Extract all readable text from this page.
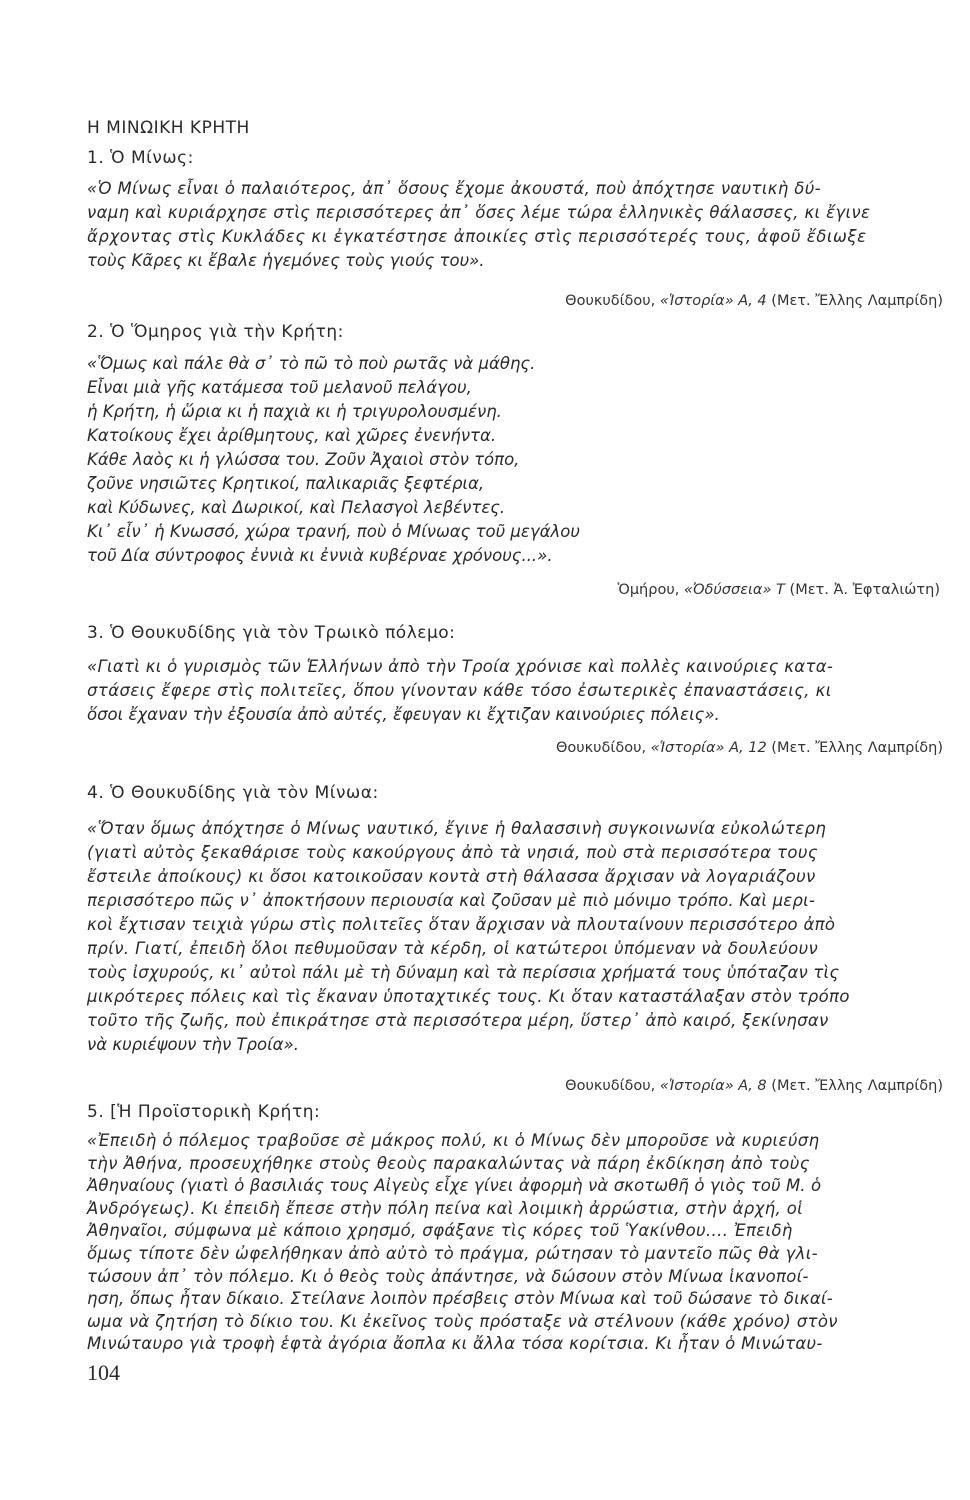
Η ΜΙΝΩΙΚΗ ΚΡΗΤΗ
1. Ὁ Μίνως:
«Ὁ Μίνως εἶναι ὁ παλαιότερος, ἀπ᾿ ὅσους ἔχομε ἀκουστά, ποὺ ἀπόχτησε ναυτικὴ δύ-
ναμη καὶ κυριάρχησε στὶς περισσότερες ἀπ᾿ ὅσες λέμε τώρα ἑλληνικὲς θάλασσες, κι ἔγινε
ἄρχοντας στὶς Κυκλάδες κι ἐγκατέστησε ἀποικίες στὶς περισσότερές τους, ἀφοῦ ἔδιωξε
τοὺς Κᾶρες κι ἔβαλε ἡγεμόνες τοὺς γιούς του».
Θουκυδίδου, «Ἱστορία» Α, 4 (Μετ. Ἔλλης Λαμπρίδη)
2. Ὁ Ὅμηρος γιὰ τὴν Κρήτη:
«Ὅμως καὶ πάλε θὰ σ᾿ τὸ πῶ τὸ ποὺ ρωτᾶς νὰ μάθης.
Εἶναι μιὰ γῆς κατάμεσα τοῦ μελανοῦ πελάγου,
ἡ Κρήτη, ἡ ὥρια κι ἡ παχιὰ κι ἡ τριγυρολουσμένη.
Κατοίκους ἔχει ἀρίθμητους, καὶ χῶρες ἐνενήντα.
Κάθε λαὸς κι ἡ γλώσσα του. Ζοῦν Ἀχαιοὶ στὸν τόπο,
ζοῦνε νησιῶτες Κρητικοί, παλικαριᾶς ξεφτέρια,
καὶ Κύδωνες, καὶ Δωρικοί, καὶ Πελασγοὶ λεβέντες.
Κι᾿ εἶν᾿ ἡ Κνωσσό, χώρα τρανή, ποὺ ὁ Μίνωας τοῦ μεγάλου
τοῦ Δία σύντροφος ἐννιὰ κι ἐννιὰ κυβέρναε χρόνους...».
Ὁμήρου, «Ὀδύσσεια» Τ (Μετ. Ἀ. Ἐφταλιώτη)
3. Ὁ Θουκυδίδης γιὰ τὸν Τρωικὸ πόλεμο:
«Γιατὶ κι ὁ γυρισμὸς τῶν Ἑλλήνων ἀπὸ τὴν Τροία χρόνισε καὶ πολλὲς καινούριες κατα-
στάσεις ἔφερε στὶς πολιτεῖες, ὅπου γίνονταν κάθε τόσο ἐσωτερικὲς ἐπαναστάσεις, κι
ὅσοι ἔχαναν τὴν ἐξουσία ἀπὸ αὐτές, ἔφευγαν κι ἔχτιζαν καινούριες πόλεις».
Θουκυδίδου, «Ἱστορία» Α, 12 (Μετ. Ἔλλης Λαμπρίδη)
4. Ὁ Θουκυδίδης γιὰ τὸν Μίνωα:
«Ὅταν ὅμως ἀπόχτησε ὁ Μίνως ναυτικό, ἔγινε ἡ θαλασσινὴ συγκοινωνία εὐκολώτερη
(γιατὶ αὐτὸς ξεκαθάρισε τοὺς κακούργους ἀπὸ τὰ νησιά, ποὺ στὰ περισσότερα τους
ἔστειλε ἀποίκους) κι ὅσοι κατοικοῦσαν κοντὰ στὴ θάλασσα ἄρχισαν νὰ λογαριάζουν
περισσότερο πῶς ν᾿ ἀποκτήσουν περιουσία καὶ ζοῦσαν μὲ πιὸ μόνιμο τρόπο. Καὶ μερι-
κοὶ ἔχτισαν τειχιὰ γύρω στὶς πολιτεῖες ὅταν ἄρχισαν νὰ πλουταίνουν περισσότερο ἀπὸ
πρίν. Γιατί, ἐπειδὴ ὅλοι πεθυμοῦσαν τὰ κέρδη, οἱ κατώτεροι ὑπόμεναν νὰ δουλεύουν
τοὺς ἰσχυρούς, κι᾿ αὐτοὶ πάλι μὲ τὴ δύναμη καὶ τὰ περίσσια χρήματά τους ὑπόταζαν τὶς
μικρότερες πόλεις καὶ τὶς ἔκαναν ὑποταχτικές τους. Κι ὅταν καταστάλαξαν στὸν τρόπο
τοῦτο τῆς ζωῆς, ποὺ ἐπικράτησε στὰ περισσότερα μέρη, ὕστερ᾿ ἀπὸ καιρό, ξεκίνησαν
νὰ κυριέψουν τὴν Τροία».
Θουκυδίδου, «Ἱστορία» Α, 8 (Μετ. Ἔλλης Λαμπρίδη)
5. [Ἡ Προϊστορικὴ Κρήτη:
«Ἐπειδὴ ὁ πόλεμος τραβοῦσε σὲ μάκρος πολύ, κι ὁ Μίνως δὲν μποροῦσε νὰ κυριεύση
τὴν Ἀθήνα, προσευχήθηκε στοὺς θεοὺς παρακαλώντας νὰ πάρη ἐκδίκηση ἀπὸ τοὺς
Ἀθηναίους (γιατὶ ὁ βασιλιάς τους Αἰγεὺς εἶχε γίνει ἀφορμὴ νὰ σκοτωθῆ ὁ γιὸς τοῦ Μ. ὁ
Ἀνδρόγεως). Κι ἐπειδὴ ἔπεσε στὴν πόλη πείνα καὶ λοιμικὴ ἀρρώστια, στὴν ἀρχή, οἱ
Ἀθηναῖοι, σύμφωνα μὲ κάποιο χρησμό, σφάξανε τὶς κόρες τοῦ Ὑακίνθου.... Ἐπειδὴ
ὅμως τίποτε δὲν ὠφελήθηκαν ἀπὸ αὐτὸ τὸ πράγμα, ρώτησαν τὸ μαντεῖο πῶς θὰ γλι-
τώσουν ἀπ᾿ τὸν πόλεμο. Κι ὁ θεὸς τοὺς ἀπάντησε, νὰ δώσουν στὸν Μίνωα ἱκανοποί-
ηση, ὅπως ἦταν δίκαιο. Στείλανε λοιπὸν πρέσβεις στὸν Μίνωα καὶ τοῦ δώσανε τὸ δικαί-
ωμα νὰ ζητήση τὸ δίκιο του. Κι ἐκεῖνος τοὺς πρόσταξε νὰ στέλνουν (κάθε χρόνο) στὸν
104
Μινώταυρο γιὰ τροφὴ ἑφτὰ ἀγόρια ἄοπλα κι ἄλλα τόσα κορίτσια. Κι ἦταν ὁ Μινώταυ-
